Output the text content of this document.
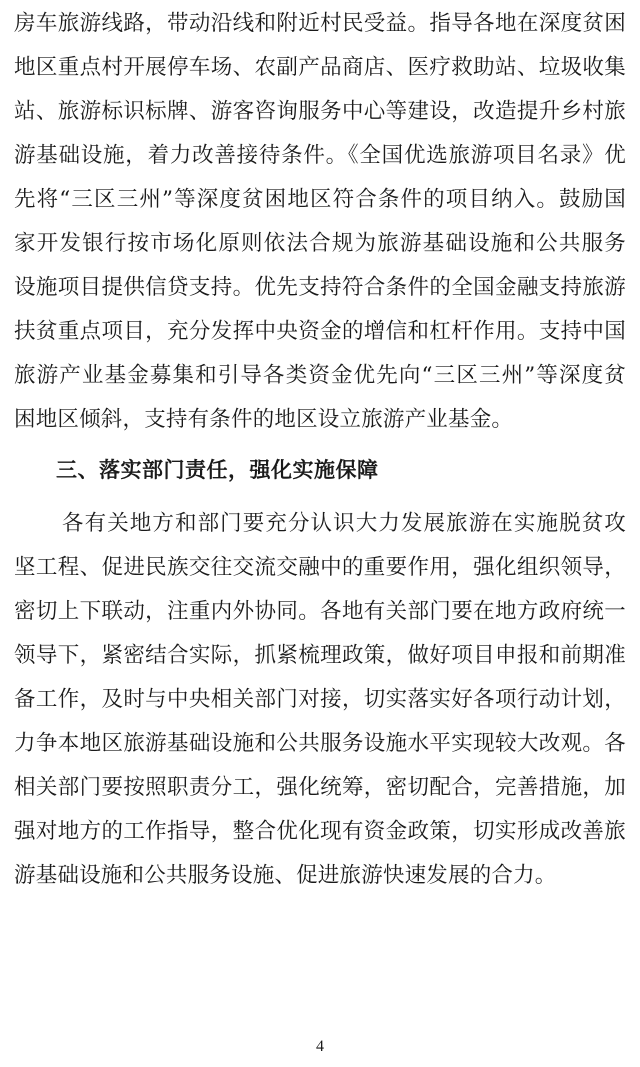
房车旅游线路，带动沿线和附近村民受益。指导各地在深度贫困
地区重点村开展停车场、农副产品商店、医疗救助站、垃圾收集
站、旅游标识标牌、游客咨询服务中心等建设，改造提升乡村旅
游基础设施，着力改善接待条件。《全国优选旅游项目名录》优
先将“三区三州”等深度贫困地区符合条件的项目纳入。鼓励国
家开发银行按市场化原则依法合规为旅游基础设施和公共服务
设施项目提供信贷支持。优先支持符合条件的全国金融支持旅游
扶贫重点项目，充分发挥中央资金的增信和杠杆作用。支持中国
旅游产业基金募集和引导各类资金优先向“三区三州”等深度贫
困地区倾斜，支持有条件的地区设立旅游产业基金。
三、落实部门责任，强化实施保障
各有关地方和部门要充分认识大力发展旅游在实施脱贫攻
坚工程、促进民族交往交流交融中的重要作用，强化组织领导，
密切上下联动，注重内外协同。各地有关部门要在地方政府统一
领导下，紧密结合实际，抓紧梳理政策，做好项目申报和前期准
备工作，及时与中央相关部门对接，切实落实好各项行动计划，
力争本地区旅游基础设施和公共服务设施水平实现较大改观。各
相关部门要按照职责分工，强化统筹，密切配合，完善措施，加
强对地方的工作指导，整合优化现有资金政策，切实形成改善旅
游基础设施和公共服务设施、促进旅游快速发展的合力。
4
